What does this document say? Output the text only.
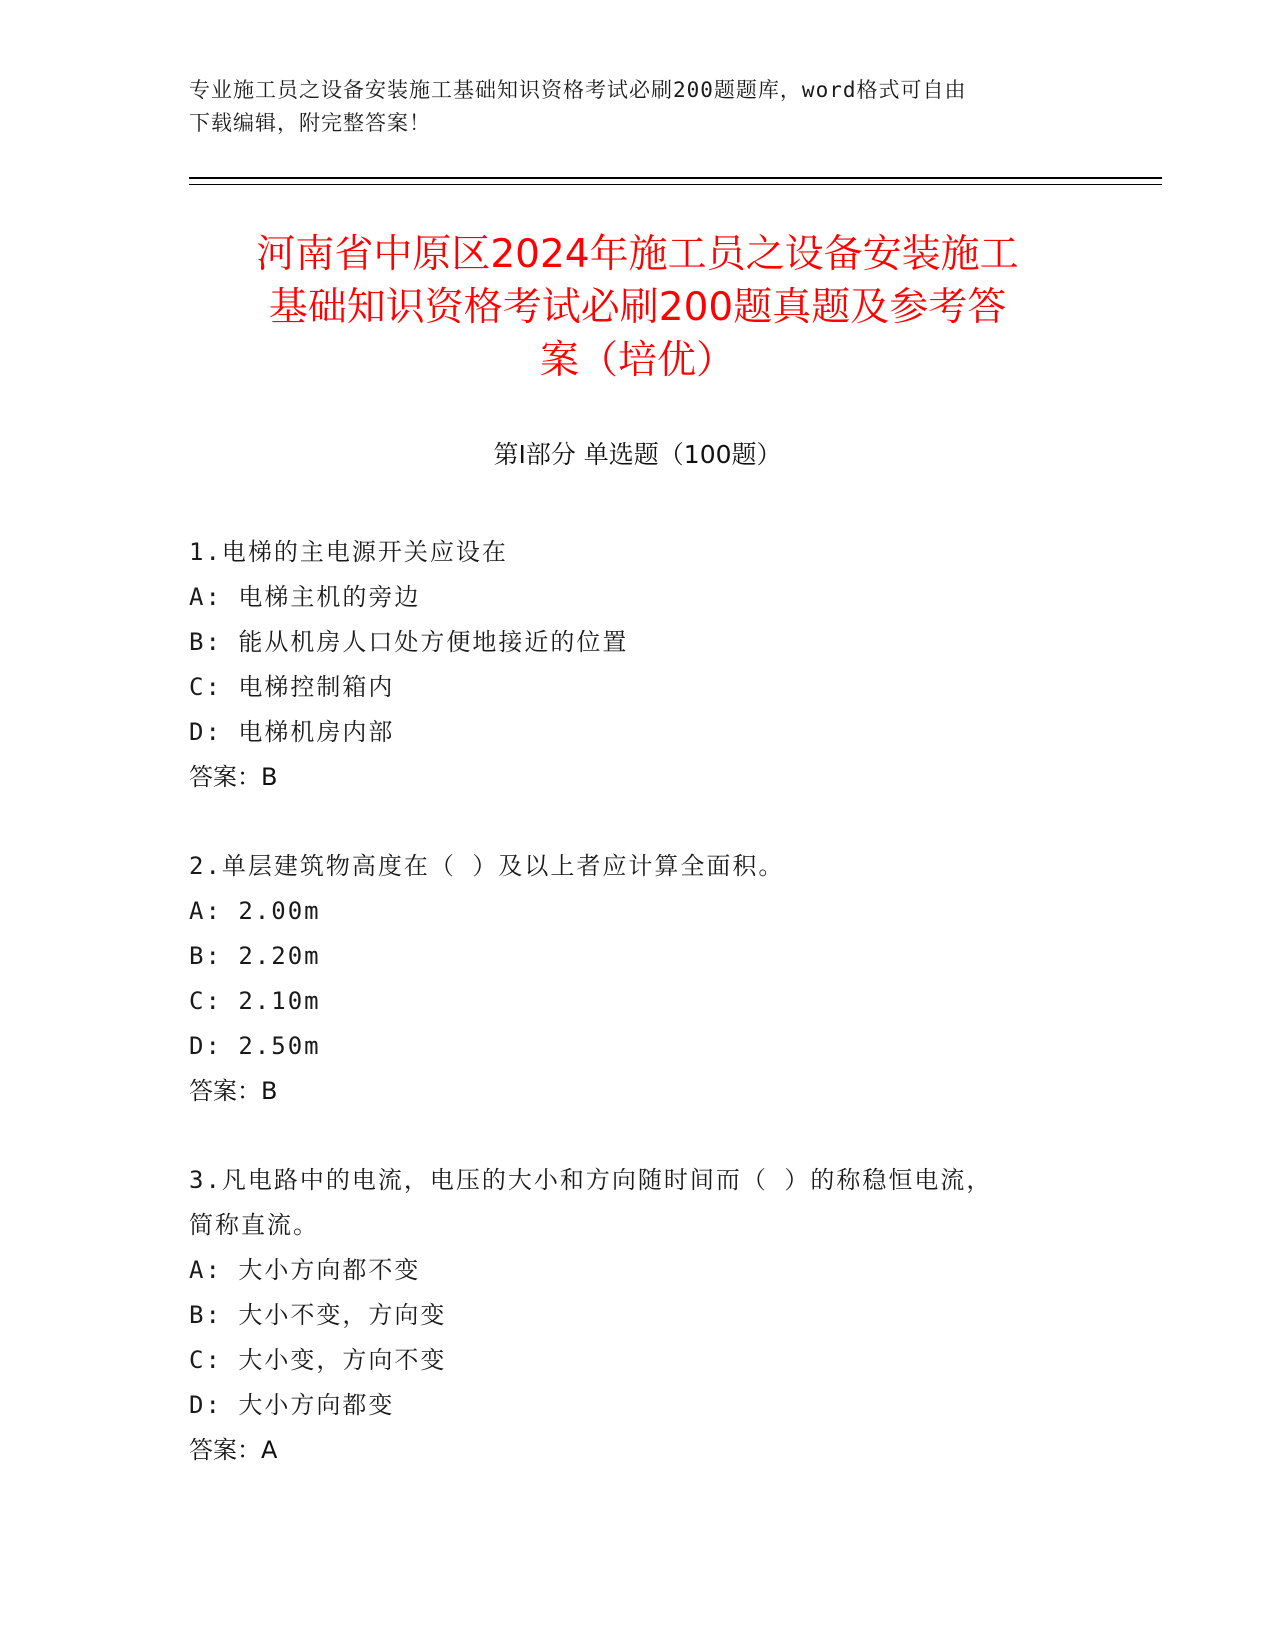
专业施工员之设备安装施工基础知识资格考试必刷200题题库，word格式可自由
下载编辑，附完整答案！
河南省中原区2024年施工员之设备安装施工
基础知识资格考试必刷200题真题及参考答
案（培优）
第Ⅰ部分 单选题（100题）

1.电梯的主电源开关应设在

A: 电梯主机的旁边

B: 能从机房人口处方便地接近的位置

C: 电梯控制箱内

D: 电梯机房内部

答案：B

2.单层建筑物高度在（ ）及以上者应计算全面积。

A: 2.00m

B: 2.20m

C: 2.10m

D: 2.50m

答案：B

3.凡电路中的电流，电压的大小和方向随时间而（ ）的称稳恒电流，

简称直流。

A: 大小方向都不变

B: 大小不变，方向变

C: 大小变，方向不变

D: 大小方向都变

答案：A
